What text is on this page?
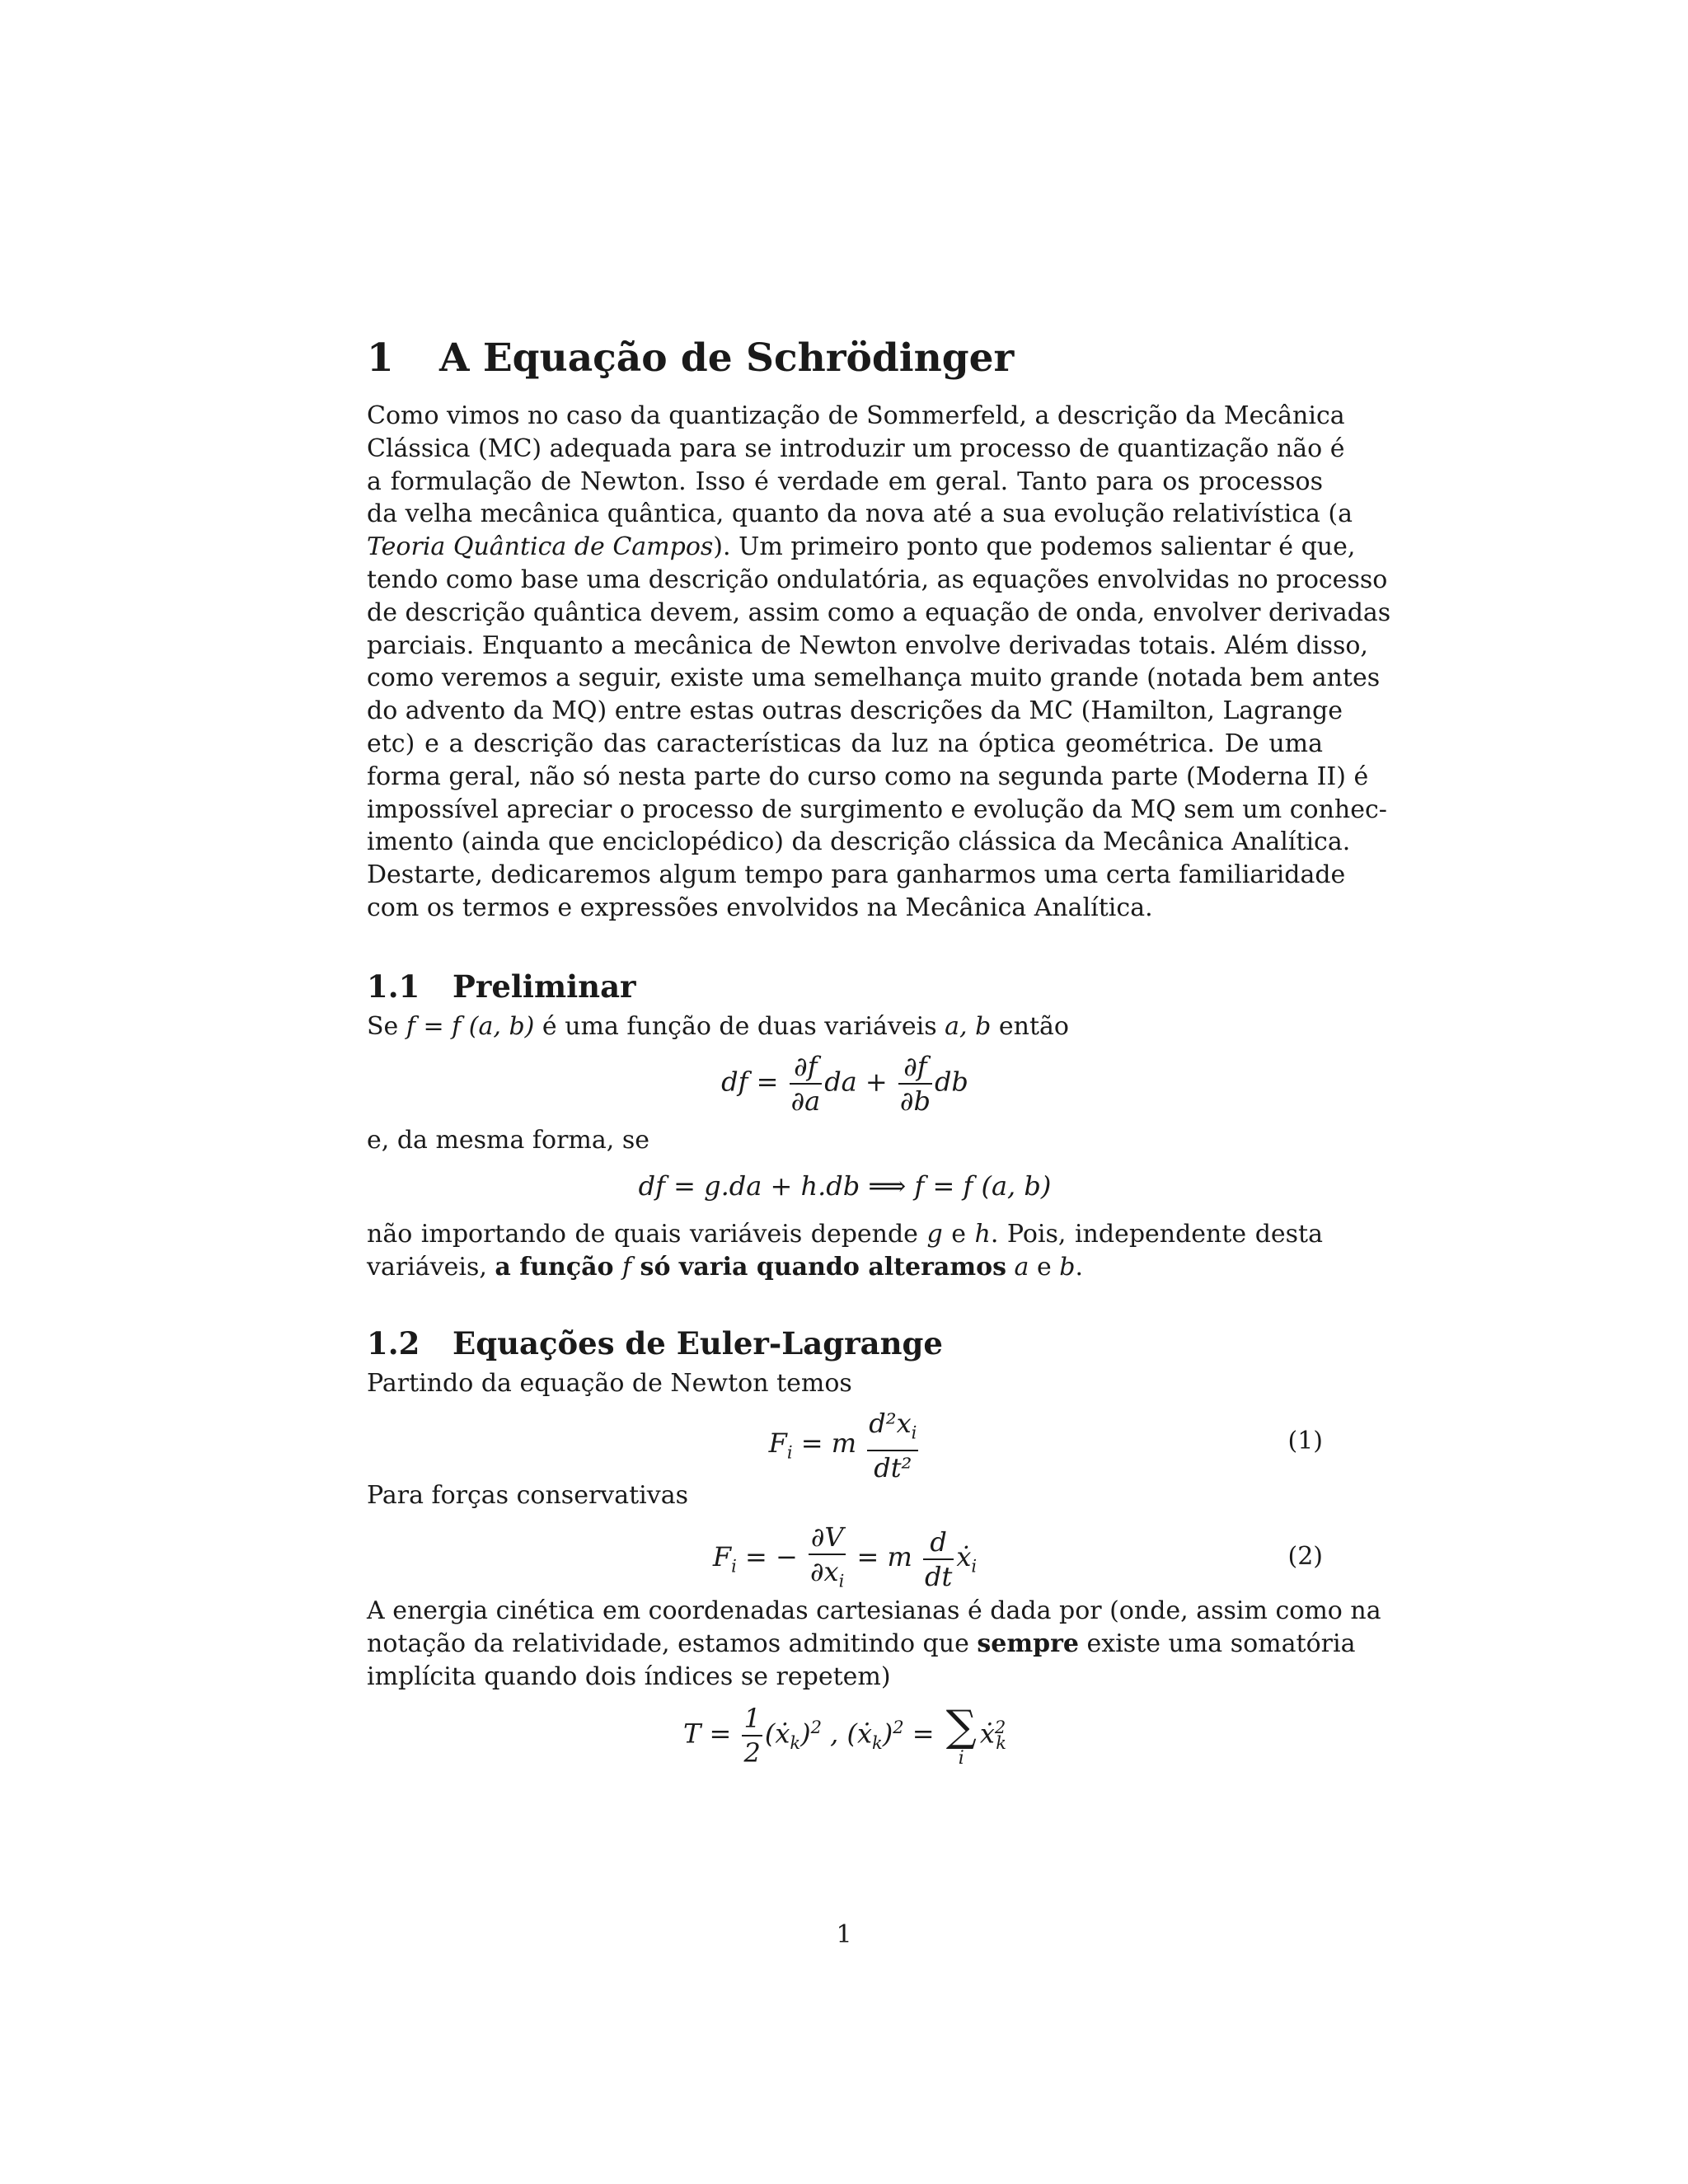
1 A Equação de Schrödinger

Como vimos no caso da quantização de Sommerfeld, a descrição da Mecânica
Clássica (MC) adequada para se introduzir um processo de quantização não é
a formulação de Newton. Isso é verdade em geral. Tanto para os processos
da velha mecânica quântica, quanto da nova até a sua evolução relativística (a
Teoria Quântica de Campos). Um primeiro ponto que podemos salientar é que,
tendo como base uma descrição ondulatória, as equações envolvidas no processo
de descrição quântica devem, assim como a equação de onda, envolver derivadas
parciais. Enquanto a mecânica de Newton envolve derivadas totais. Além disso,
como veremos a seguir, existe uma semelhança muito grande (notada bem antes
do advento da MQ) entre estas outras descrições da MC (Hamilton, Lagrange
etc) e a descrição das características da luz na óptica geométrica. De uma
forma geral, não só nesta parte do curso como na segunda parte (Moderna II) é
impossível apreciar o processo de surgimento e evolução da MQ sem um conhec-
imento (ainda que enciclopédico) da descrição clássica da Mecânica Analítica.
Destarte, dedicaremos algum tempo para ganharmos uma certa familiaridade
com os termos e expressões envolvidos na Mecânica Analítica.

1.1 Preliminar

Se f = f (a, b) é uma função de duas variáveis a, b então

df = $\frac{\partial f}{\partial a}$ da + $\frac{\partial f}{\partial b}$ db

e, da mesma forma, se

df = g.da + h.db ⟹ f = f (a, b)

não importando de quais variáveis depende g e h. Pois, independente desta
variáveis, a função f só varia quando alteramos a e b.

1.2 Equações de Euler-Lagrange

Partindo da equação de Newton temos

$F_i = m \frac{d^2x_i}{\text{dt²}}$	(1)

Para forças conservativas

$F_i$ = − $\frac{\partial V}{\partial x_i} = m \frac{d}{dt}$ ẋ$_i$	(2)

A energia cinética em coordenadas cartesianas é dada por (onde, assim como na
notação da relatividade, estamos admitindo que sempre existe uma somatória
implícita quando dois índices se repetem)

$T = \frac{1}{2}$ (ẋ$_k$)$^2$ , (ẋ$_k$)$^2$ = ∑
i
ẋ$^2_k$
1
